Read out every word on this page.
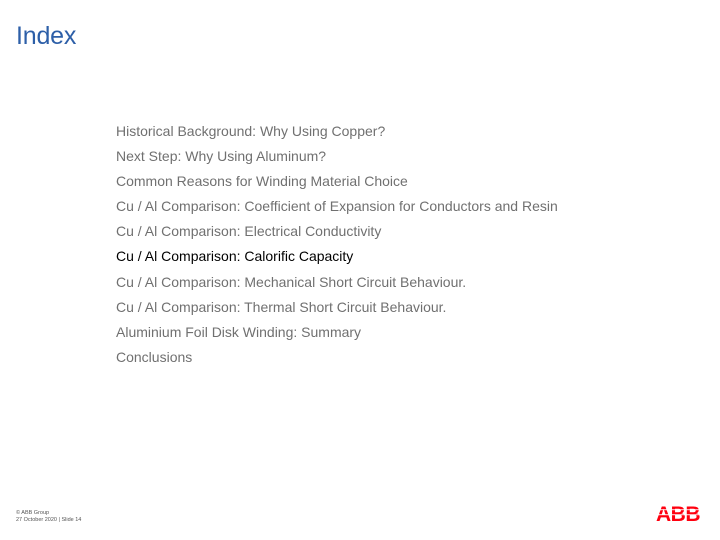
Index
Historical Background: Why Using Copper?
Next Step: Why Using Aluminum?
Common Reasons for Winding Material Choice
Cu / Al Comparison: Coefficient of Expansion for Conductors and Resin
Cu / Al Comparison: Electrical Conductivity
Cu / Al Comparison: Calorific Capacity
Cu / Al Comparison: Mechanical Short Circuit Behaviour.
Cu / Al Comparison: Thermal Short Circuit Behaviour.
Aluminium Foil Disk Winding: Summary
Conclusions
© ABB Group
27 October 2020 | Slide 14	ABB
